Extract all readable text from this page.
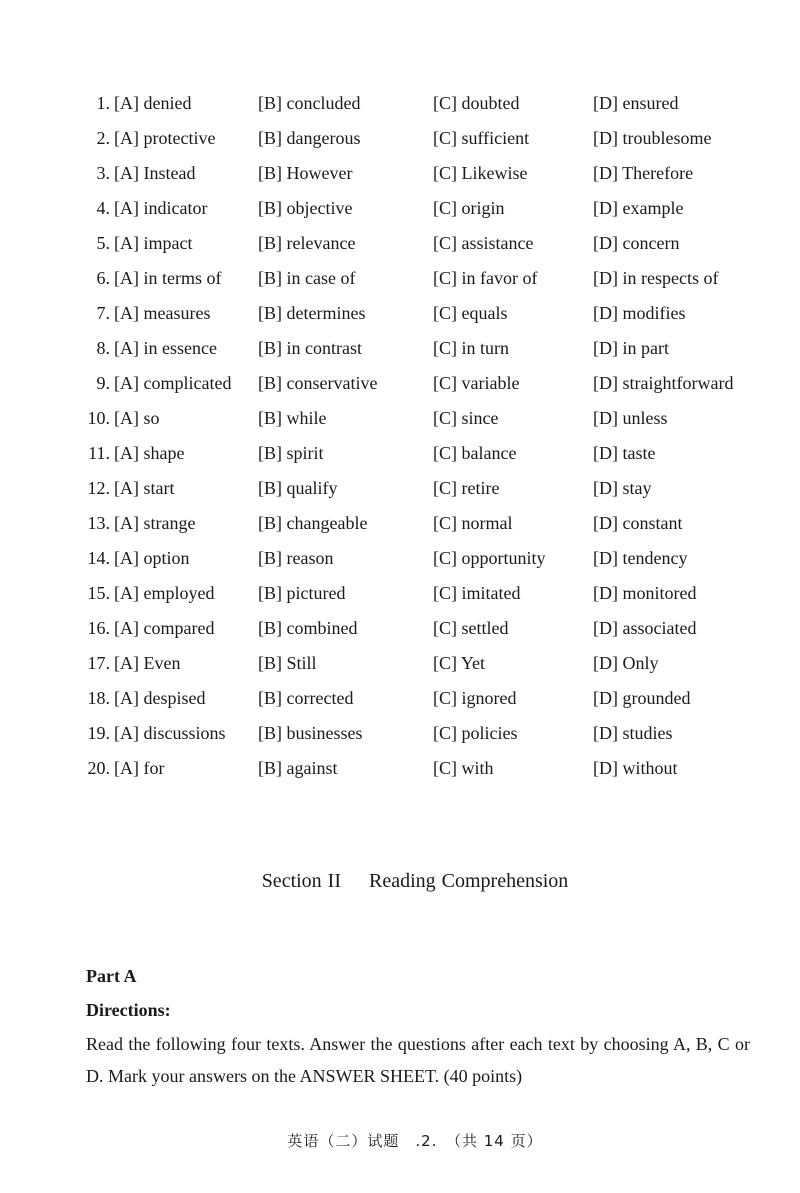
1. [A] denied	[B] concluded	[C] doubted	[D] ensured
2. [A] protective [B] dangerous	[C] sufficient	[D] troublesome
3. [A] Instead	[B] However	[C] Likewise	[D] Therefore
4. [A] indicator	[B] objective	[C] origin	[D] example
5. [A] impact	[B] relevance	[C] assistance	[D] concern
6. [A] in terms of [B] in case of	[C] in favor of	[D] in respects of
7. [A] measures	[B] determines	[C] equals	[D] modifies
8. [A] in essence [B] in contrast	[C] in turn	[D] in part
9. [A] complicated [B] conservative	[C] variable	[D] straightforward
10. [A] so	[B] while	[C] since	[D] unless
11. [A] shape	[B] spirit	[C] balance	[D] taste
12. [A] start	[B] qualify	[C] retire	[D] stay
13. [A] strange	[B] changeable	[C] normal	[D] constant
14. [A] option	[B] reason	[C] opportunity	[D] tendency
15. [A] employed [B] pictured	[C] imitated	[D] monitored
16. [A] compared [B] combined	[C] settled	[D] associated
17. [A] Even	[B] Still	[C] Yet	[D] Only
18. [A] despised	[B] corrected	[C] ignored	[D] grounded
19. [A] discussions [B] businesses	[C] policies	[D] studies
20. [A] for	[B] against	[C] with	[D] without
Section II Reading Comprehension
Part A
Directions:
Read the following four texts. Answer the questions after each text by choosing A, B, C or D. Mark your answers on the ANSWER SHEET. (40 points)
英语（二）试题　.2.　（共 14 页）
